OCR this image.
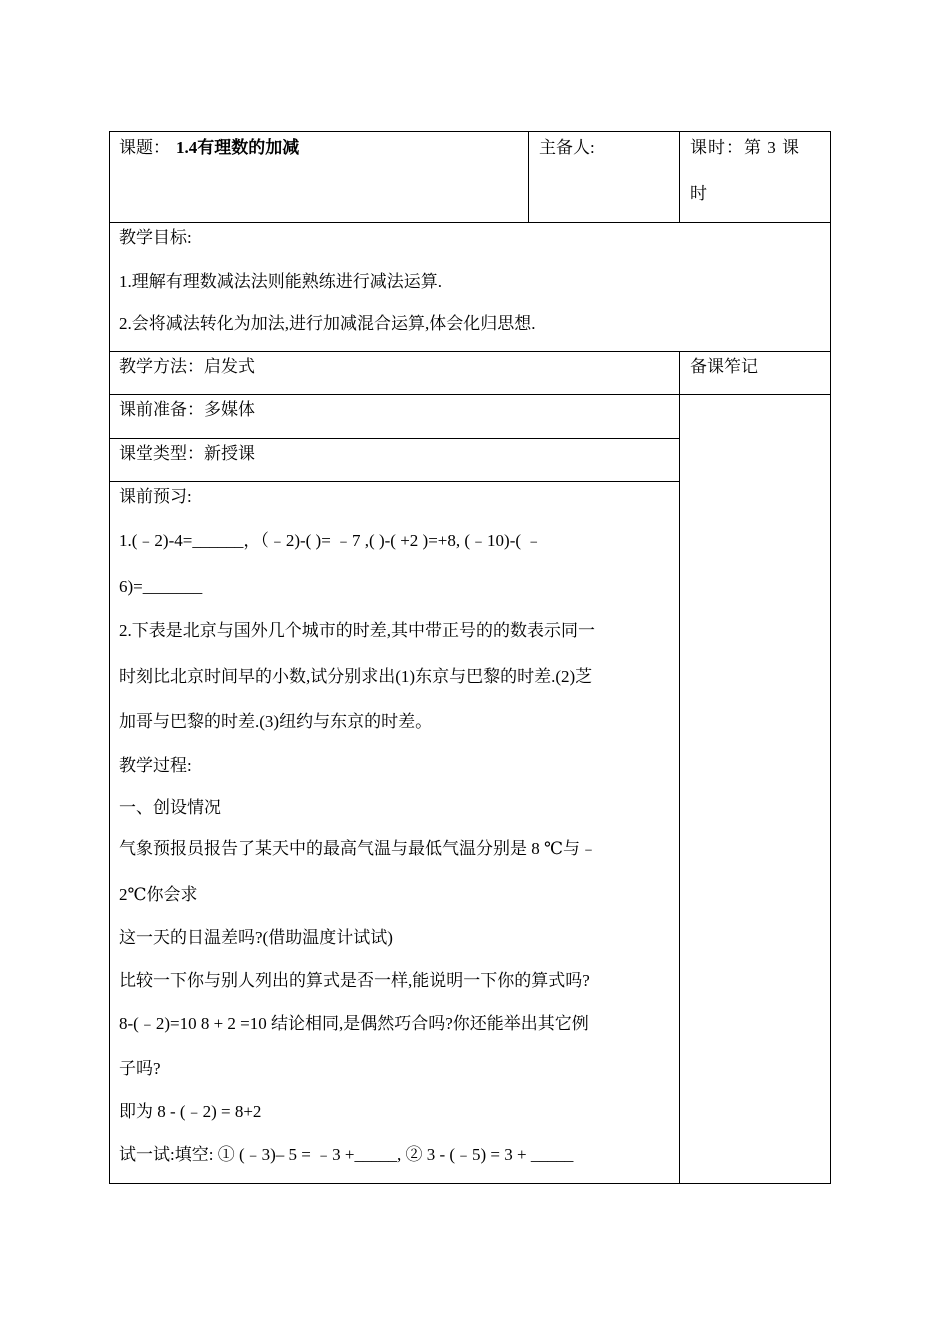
课题： 1.4有理数的加减	主备人:	课时：第 3 课
时
教学目标:
1.理解有理数减法法则能熟练进行减法运算.
2.会将减法转化为加法,进行加减混合运算,体会化归思想.
教学方法：启发式	备课笮记
课前准备：多媒体
课堂类型：新授课
课前预习:
1.(﹣2)-4=______，（﹣2)-( )= ﹣7 ,( )-( +2 )=+8, (﹣10)-( ﹣
6)=_______
2.下表是北京与国外几个城市的时差,其中带正号的的数表示同一
时刻比北京时间早的小数,试分别求出(1)东京与巴黎的时差.(2)芝
加哥与巴黎的时差.(3)纽约与东京的时差。
教学过程:
一、创设情况
气象预报员报告了某天中的最高气温与最低气温分别是 8 ℃与﹣
2℃你会求
这一天的日温差吗?(借助温度计试试)
比较一下你与别人列出的算式是否一样,能说明一下你的算式吗?
8-(﹣2)=10 8 + 2 =10 结论相同,是偶然巧合吗?你还能举出其它例
子吗?
即为 8 - (﹣2) = 8+2
试一试:填空: ① (﹣3)– 5 = ﹣3 +_____, ② 3 - (﹣5) = 3 + _____
